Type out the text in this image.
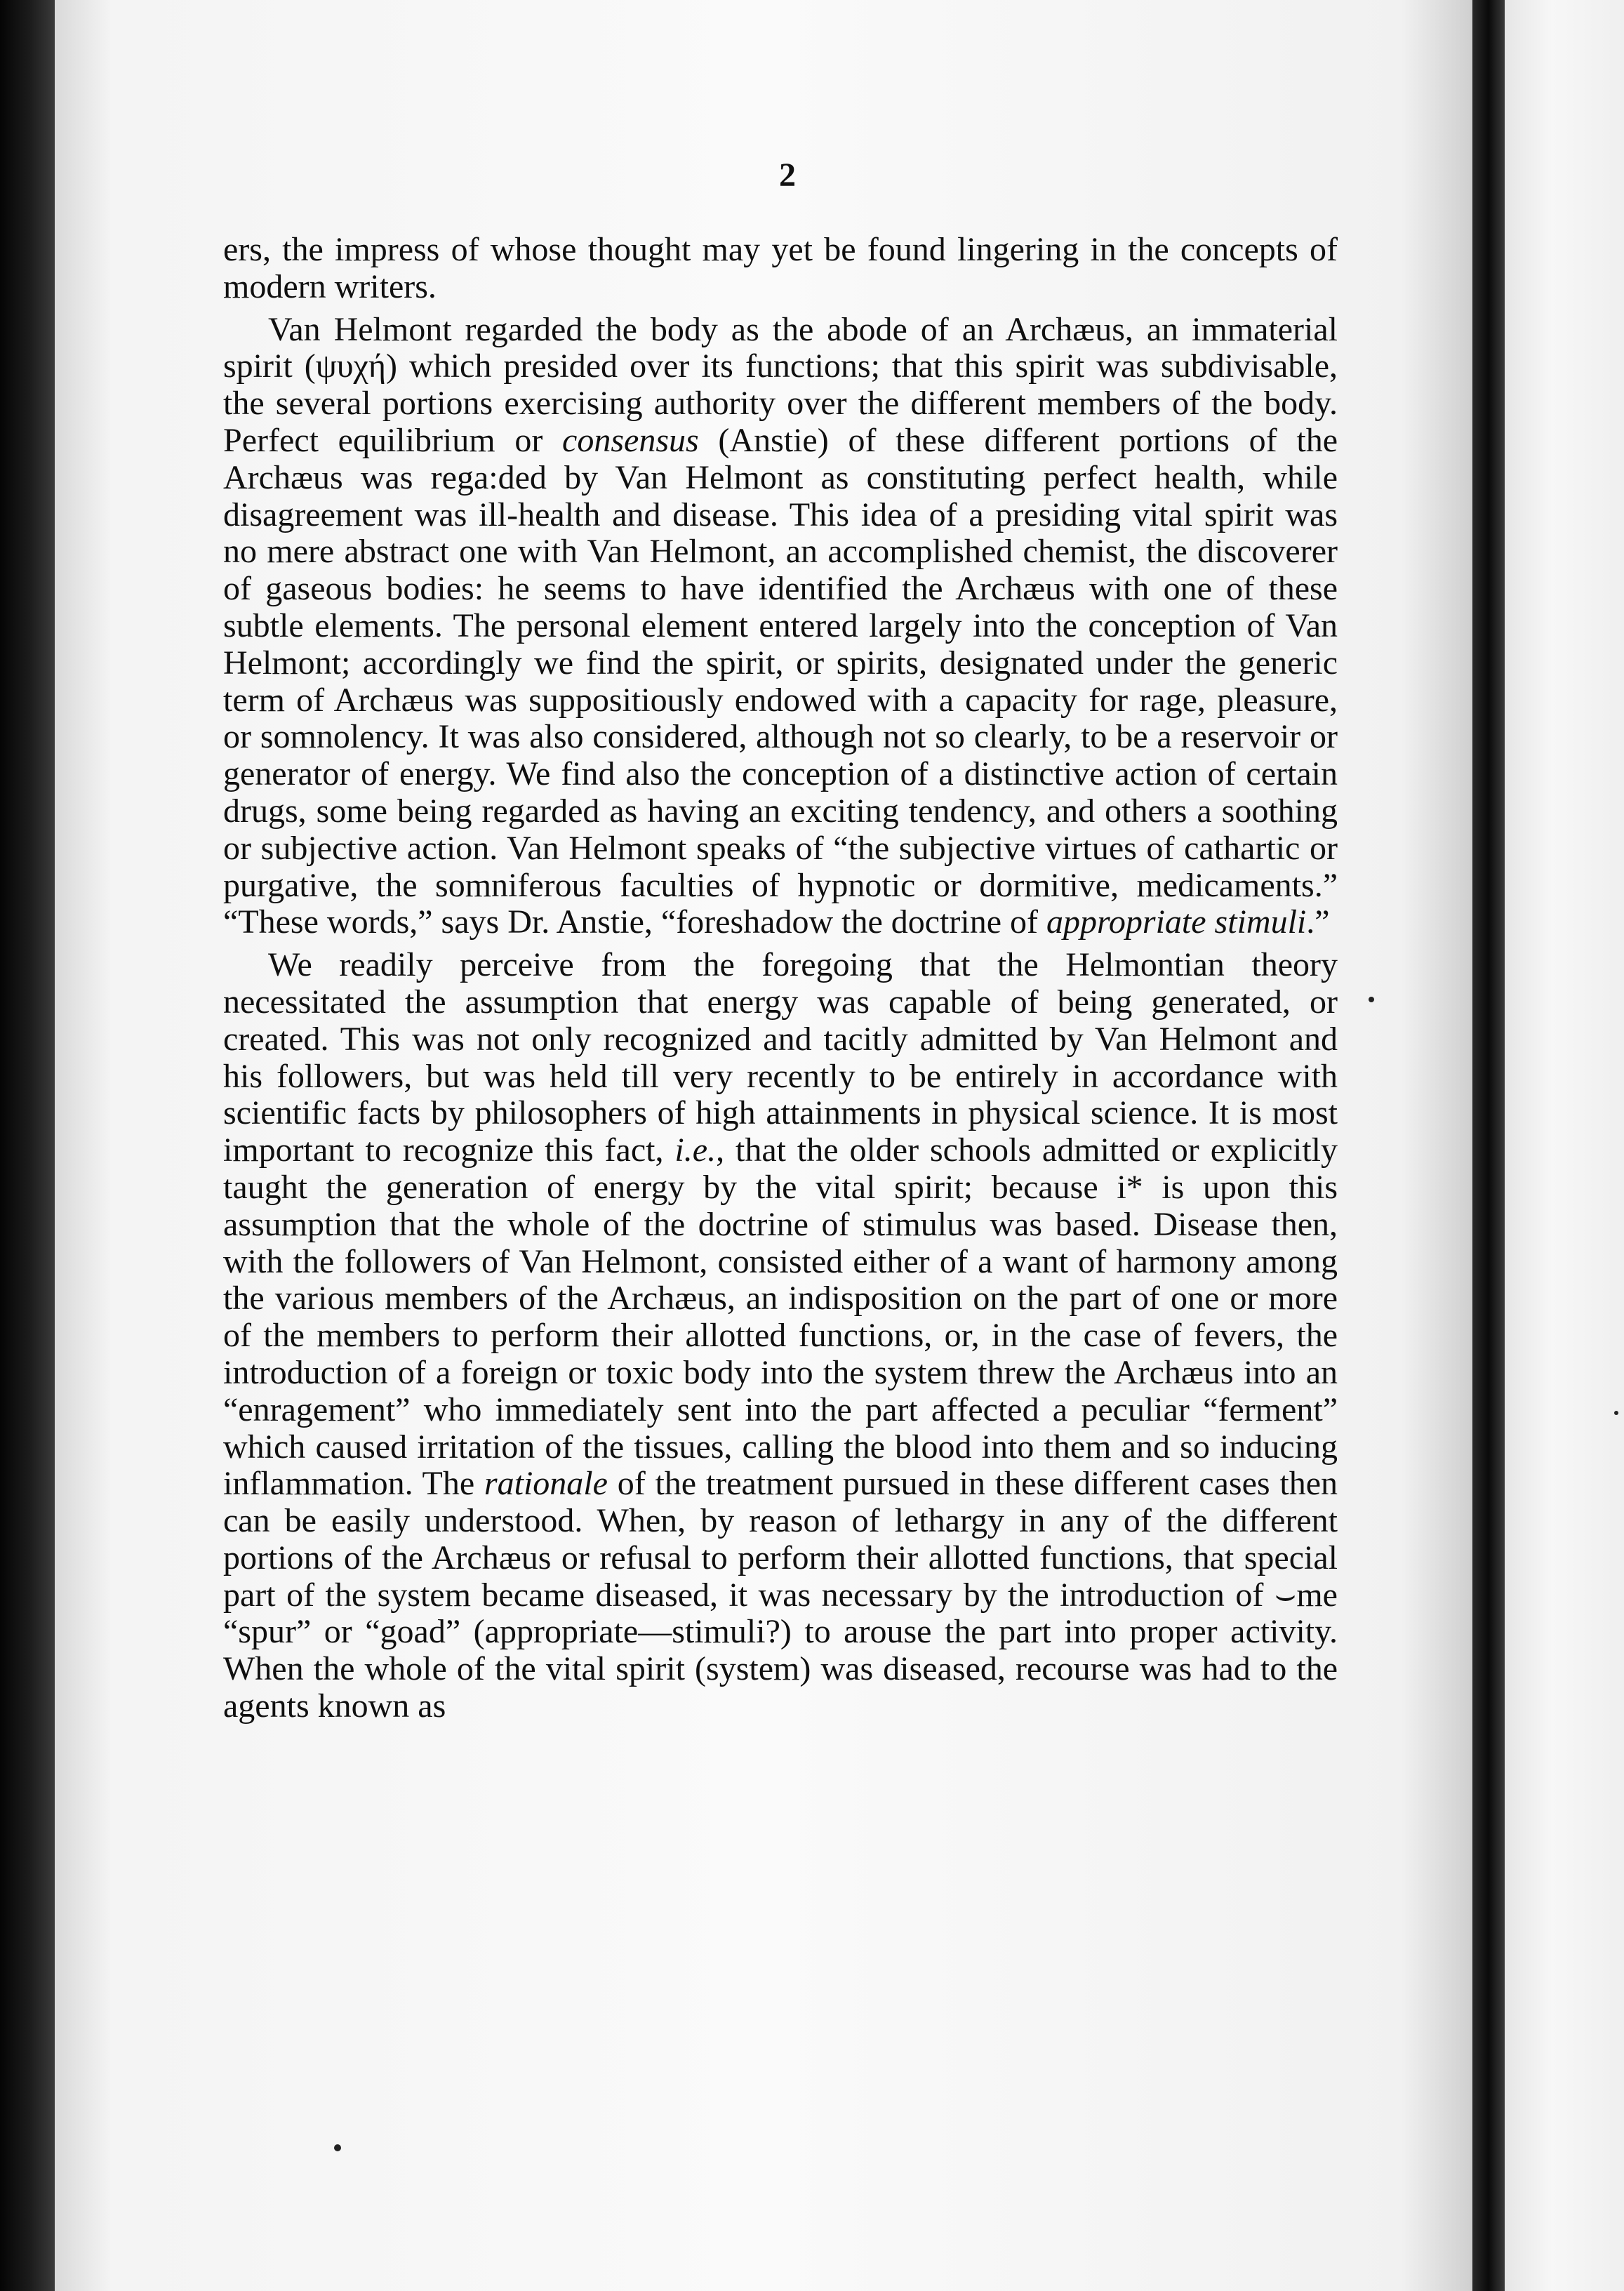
2

ers, the impress of whose thought may yet be found lingering in the concepts of modern writers.

Van Helmont regarded the body as the abode of an Archæus, an immaterial spirit (ψυχή) which presided over its functions; that this spirit was subdivisable, the several portions exercising authority over the different members of the body. Perfect equilibrium or consensus (Anstie) of these different portions of the Archæus was rega:ded by Van Helmont as constituting perfect health, while disagreement was ill-health and disease. This idea of a presiding vital spirit was no mere abstract one with Van Helmont, an accomplished chemist, the discoverer of gaseous bodies: he seems to have identified the Archæus with one of these subtle elements. The personal element entered largely into the conception of Van Helmont; accordingly we find the spirit, or spirits, designated under the generic term of Archæus was suppositiously endowed with a capacity for rage, pleasure, or somnolency. It was also considered, although not so clearly, to be a reservoir or generator of energy. We find also the conception of a distinctive action of certain drugs, some being regarded as having an exciting tendency, and others a soothing or subjective action. Van Helmont speaks of “the subjective virtues of cathartic or purgative, the somniferous faculties of hypnotic or dormitive, medicaments.” “These words,” says Dr. Anstie, “foreshadow the doctrine of appropriate stimuli.”

We readily perceive from the foregoing that the Helmontian theory necessitated the assumption that energy was capable of being generated, or created. This was not only recognized and tacitly admitted by Van Helmont and his followers, but was held till very recently to be entirely in accordance with scientific facts by philosophers of high attainments in physical science. It is most important to recognize this fact, i.e., that the older schools admitted or explicitly taught the generation of energy by the vital spirit; because i* is upon this assumption that the whole of the doctrine of stimulus was based. Disease then, with the followers of Van Helmont, consisted either of a want of harmony among the various members of the Archæus, an indisposition on the part of one or more of the members to perform their allotted functions, or, in the case of fevers, the introduction of a foreign or toxic body into the system threw the Archæus into an “enragement” who immediately sent into the part affected a peculiar “ferment” which caused irritation of the tissues, calling the blood into them and so inducing inflammation. The rationale of the treatment pursued in these different cases then can be easily understood. When, by reason of lethargy in any of the different portions of the Archæus or refusal to perform their allotted functions, that special part of the system became diseased, it was necessary by the introduction of ⌣me “spur” or “goad” (appropriate—stimuli?) to arouse the part into proper activity. When the whole of the vital spirit (system) was diseased, recourse was had to the agents known as
